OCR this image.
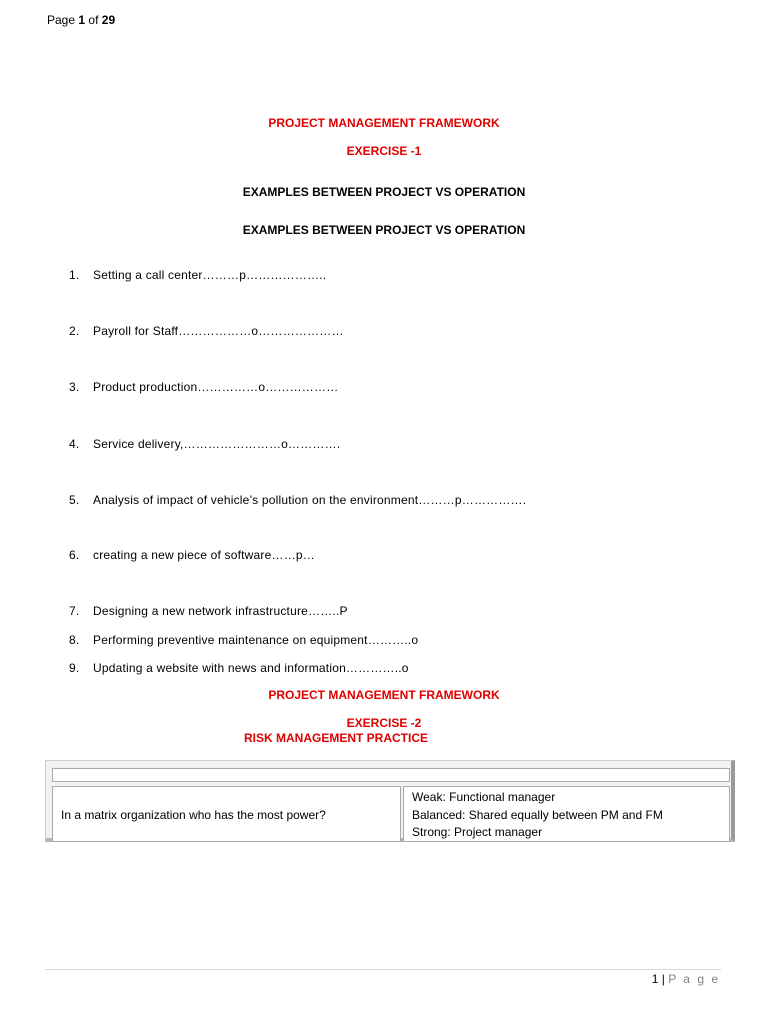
Page 1 of 29
PROJECT MANAGEMENT FRAMEWORK
EXERCISE -1
EXAMPLES BETWEEN PROJECT VS OPERATION
EXAMPLES BETWEEN PROJECT VS OPERATION
1. Setting a call center………p………………..
2. Payroll for Staff………………o…………………
3. Product production……………o………………
4. Service delivery,……………………o………….
5. Analysis of impact of vehicle’s pollution on the environment………p…………….
6. creating a new piece of software……p…
7. Designing a new network infrastructure……..P
8. Performing preventive maintenance on equipment………..o
9. Updating a website with news and information…………..o
PROJECT MANAGEMENT FRAMEWORK
EXERCISE -2
RISK MANAGEMENT PRACTICE
In a matrix organization who has the most power?
Weak: Functional manager
Balanced: Shared equally between PM and FM
Strong: Project manager
1 | P a g e
